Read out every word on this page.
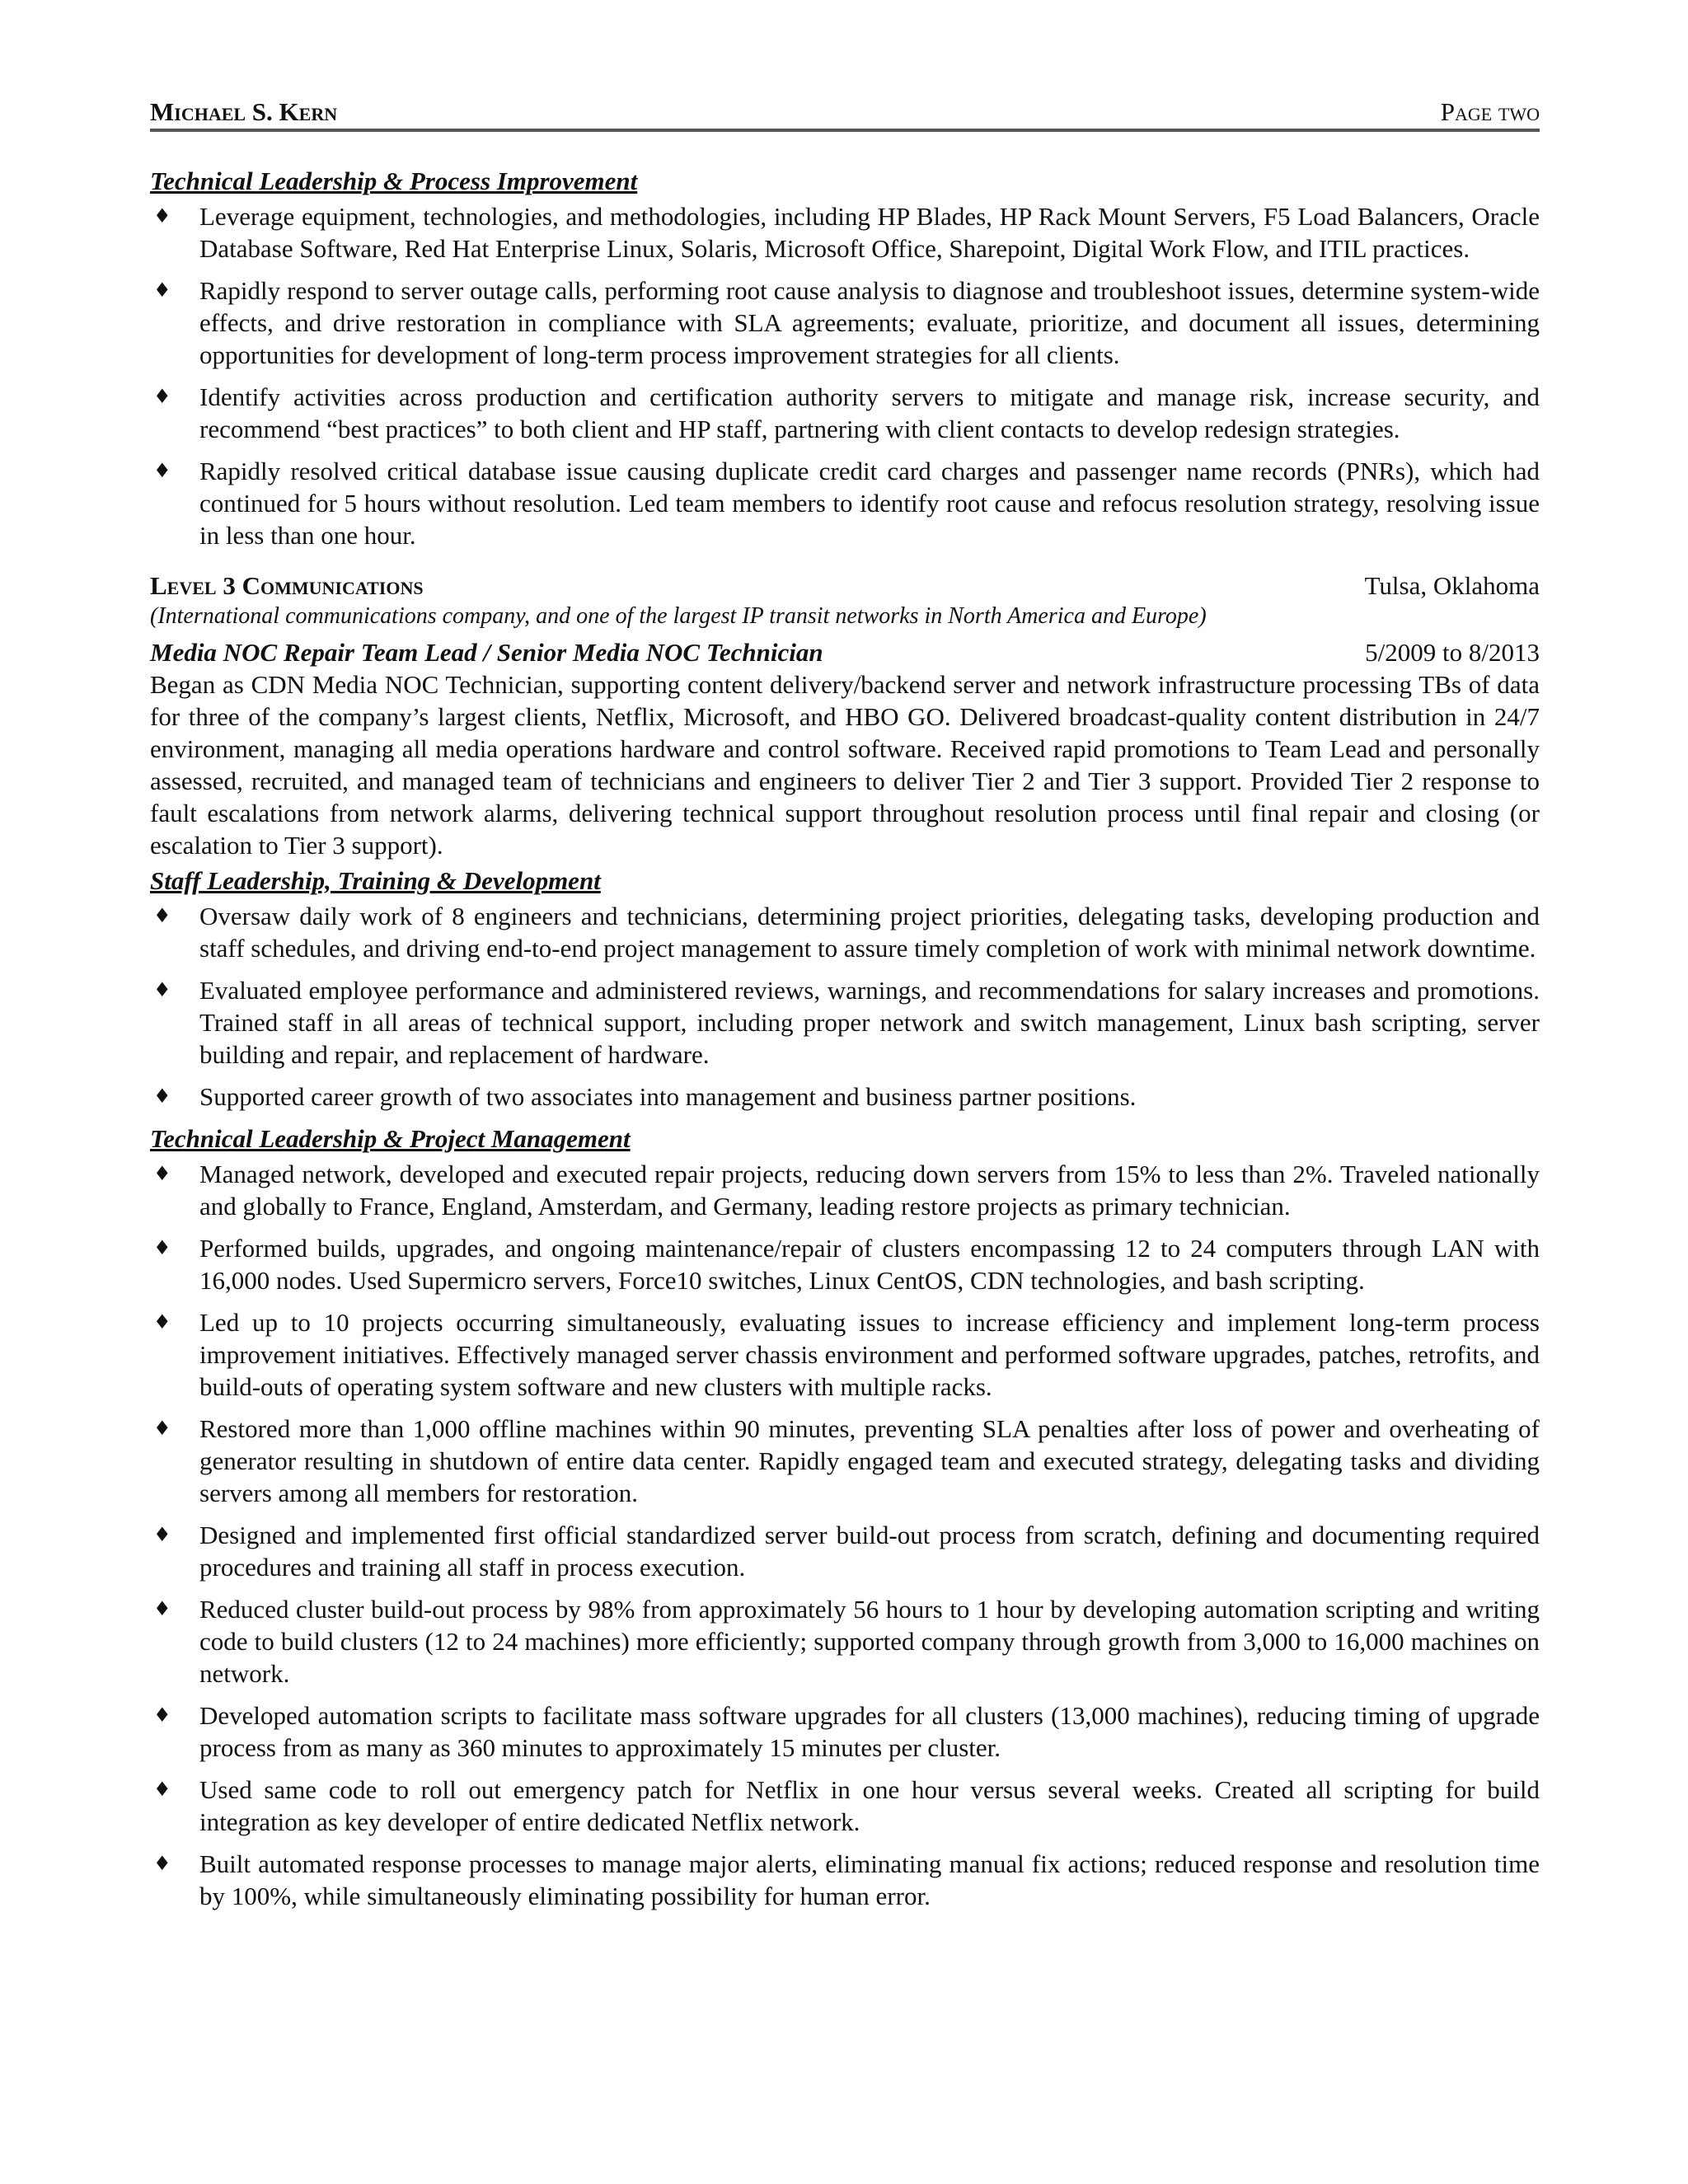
Michael S. Kern	Page two
Technical Leadership & Process Improvement
♦ Leverage equipment, technologies, and methodologies, including HP Blades, HP Rack Mount Servers, F5 Load Balancers, Oracle Database Software, Red Hat Enterprise Linux, Solaris, Microsoft Office, Sharepoint, Digital Work Flow, and ITIL practices.
♦ Rapidly respond to server outage calls, performing root cause analysis to diagnose and troubleshoot issues, determine system-wide effects, and drive restoration in compliance with SLA agreements; evaluate, prioritize, and document all issues, determining opportunities for development of long-term process improvement strategies for all clients.
♦ Identify activities across production and certification authority servers to mitigate and manage risk, increase security, and recommend “best practices” to both client and HP staff, partnering with client contacts to develop redesign strategies.
♦ Rapidly resolved critical database issue causing duplicate credit card charges and passenger name records (PNRs), which had continued for 5 hours without resolution. Led team members to identify root cause and refocus resolution strategy, resolving issue in less than one hour.
Level 3 Communications	Tulsa, Oklahoma
(International communications company, and one of the largest IP transit networks in North America and Europe)
Media NOC Repair Team Lead / Senior Media NOC Technician	5/2009 to 8/2013
Began as CDN Media NOC Technician, supporting content delivery/backend server and network infrastructure processing TBs of data for three of the company’s largest clients, Netflix, Microsoft, and HBO GO. Delivered broadcast-quality content distribution in 24/7 environment, managing all media operations hardware and control software. Received rapid promotions to Team Lead and personally assessed, recruited, and managed team of technicians and engineers to deliver Tier 2 and Tier 3 support. Provided Tier 2 response to fault escalations from network alarms, delivering technical support throughout resolution process until final repair and closing (or escalation to Tier 3 support).
Staff Leadership, Training & Development
♦ Oversaw daily work of 8 engineers and technicians, determining project priorities, delegating tasks, developing production and staff schedules, and driving end-to-end project management to assure timely completion of work with minimal network downtime.
♦ Evaluated employee performance and administered reviews, warnings, and recommendations for salary increases and promotions. Trained staff in all areas of technical support, including proper network and switch management, Linux bash scripting, server building and repair, and replacement of hardware.
♦ Supported career growth of two associates into management and business partner positions.
Technical Leadership & Project Management
♦ Managed network, developed and executed repair projects, reducing down servers from 15% to less than 2%. Traveled nationally and globally to France, England, Amsterdam, and Germany, leading restore projects as primary technician.
♦ Performed builds, upgrades, and ongoing maintenance/repair of clusters encompassing 12 to 24 computers through LAN with 16,000 nodes. Used Supermicro servers, Force10 switches, Linux CentOS, CDN technologies, and bash scripting.
♦ Led up to 10 projects occurring simultaneously, evaluating issues to increase efficiency and implement long-term process improvement initiatives. Effectively managed server chassis environment and performed software upgrades, patches, retrofits, and build-outs of operating system software and new clusters with multiple racks.
♦ Restored more than 1,000 offline machines within 90 minutes, preventing SLA penalties after loss of power and overheating of generator resulting in shutdown of entire data center. Rapidly engaged team and executed strategy, delegating tasks and dividing servers among all members for restoration.
♦ Designed and implemented first official standardized server build-out process from scratch, defining and documenting required procedures and training all staff in process execution.
♦ Reduced cluster build-out process by 98% from approximately 56 hours to 1 hour by developing automation scripting and writing code to build clusters (12 to 24 machines) more efficiently; supported company through growth from 3,000 to 16,000 machines on network.
♦ Developed automation scripts to facilitate mass software upgrades for all clusters (13,000 machines), reducing timing of upgrade process from as many as 360 minutes to approximately 15 minutes per cluster.
♦ Used same code to roll out emergency patch for Netflix in one hour versus several weeks. Created all scripting for build integration as key developer of entire dedicated Netflix network.
♦ Built automated response processes to manage major alerts, eliminating manual fix actions; reduced response and resolution time by 100%, while simultaneously eliminating possibility for human error.
